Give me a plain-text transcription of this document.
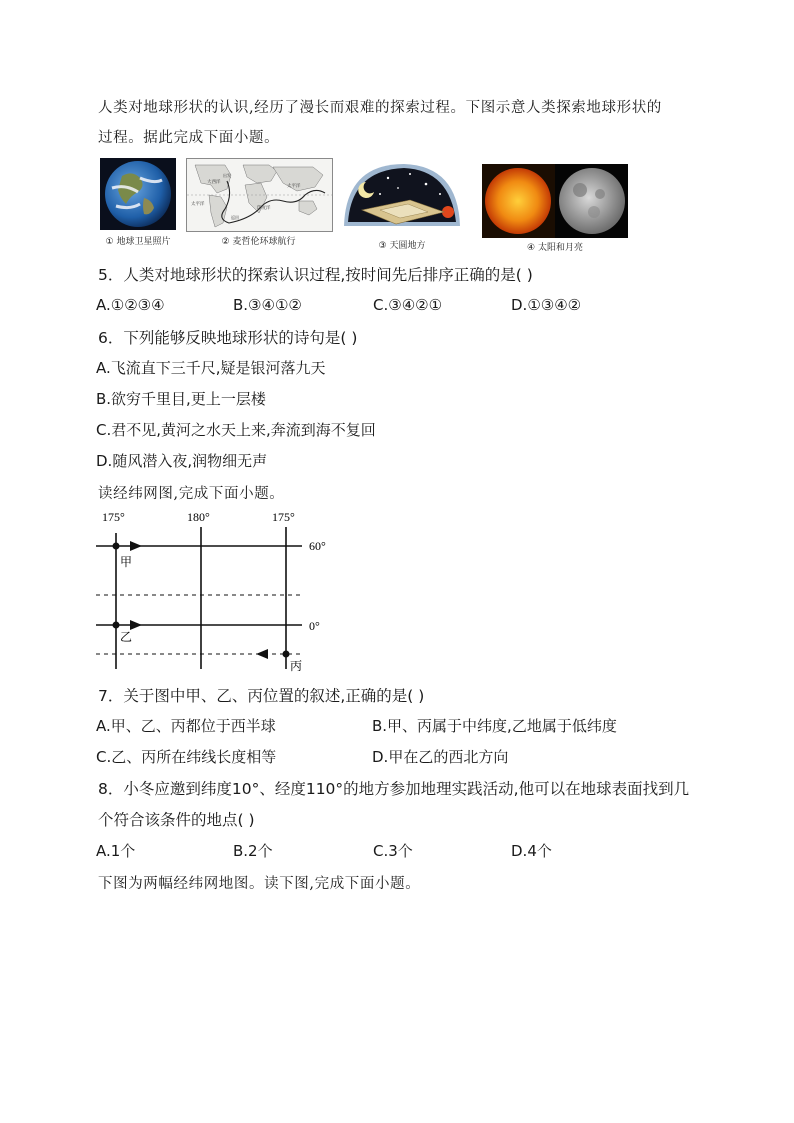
人类对地球形状的认识,经历了漫长而艰难的探索过程。下图示意人类探索地球形状的
过程。据此完成下面小题。
① 地球卫星照片
大西洋
印度洋
太平洋
太平洋
出发
返回
② 麦哲伦环球航行	③ 天圆地方	④ 太阳和月亮
5．人类对地球形状的探索认识过程,按时间先后排序正确的是( )
A.①②③④	B.③④①②	C.③④②①	D.①③④②
6．下列能够反映地球形状的诗句是( )
A.飞流直下三千尺,疑是银河落九天
B.欲穷千里目,更上一层楼
C.君不见,黄河之水天上来,奔流到海不复回
D.随风潜入夜,润物细无声
读经纬网图,完成下面小题。
175°	180°	175°
60°
0°
甲
乙
丙
7．关于图中甲、乙、丙位置的叙述,正确的是( )
A.甲、乙、丙都位于西半球	B.甲、丙属于中纬度,乙地属于低纬度
C.乙、丙所在纬线长度相等	D.甲在乙的西北方向
8．小冬应邀到纬度10°、经度110°的地方参加地理实践活动,他可以在地球表面找到几
个符合该条件的地点( )
A.1个	B.2个	C.3个	D.4个
下图为两幅经纬网地图。读下图,完成下面小题。
